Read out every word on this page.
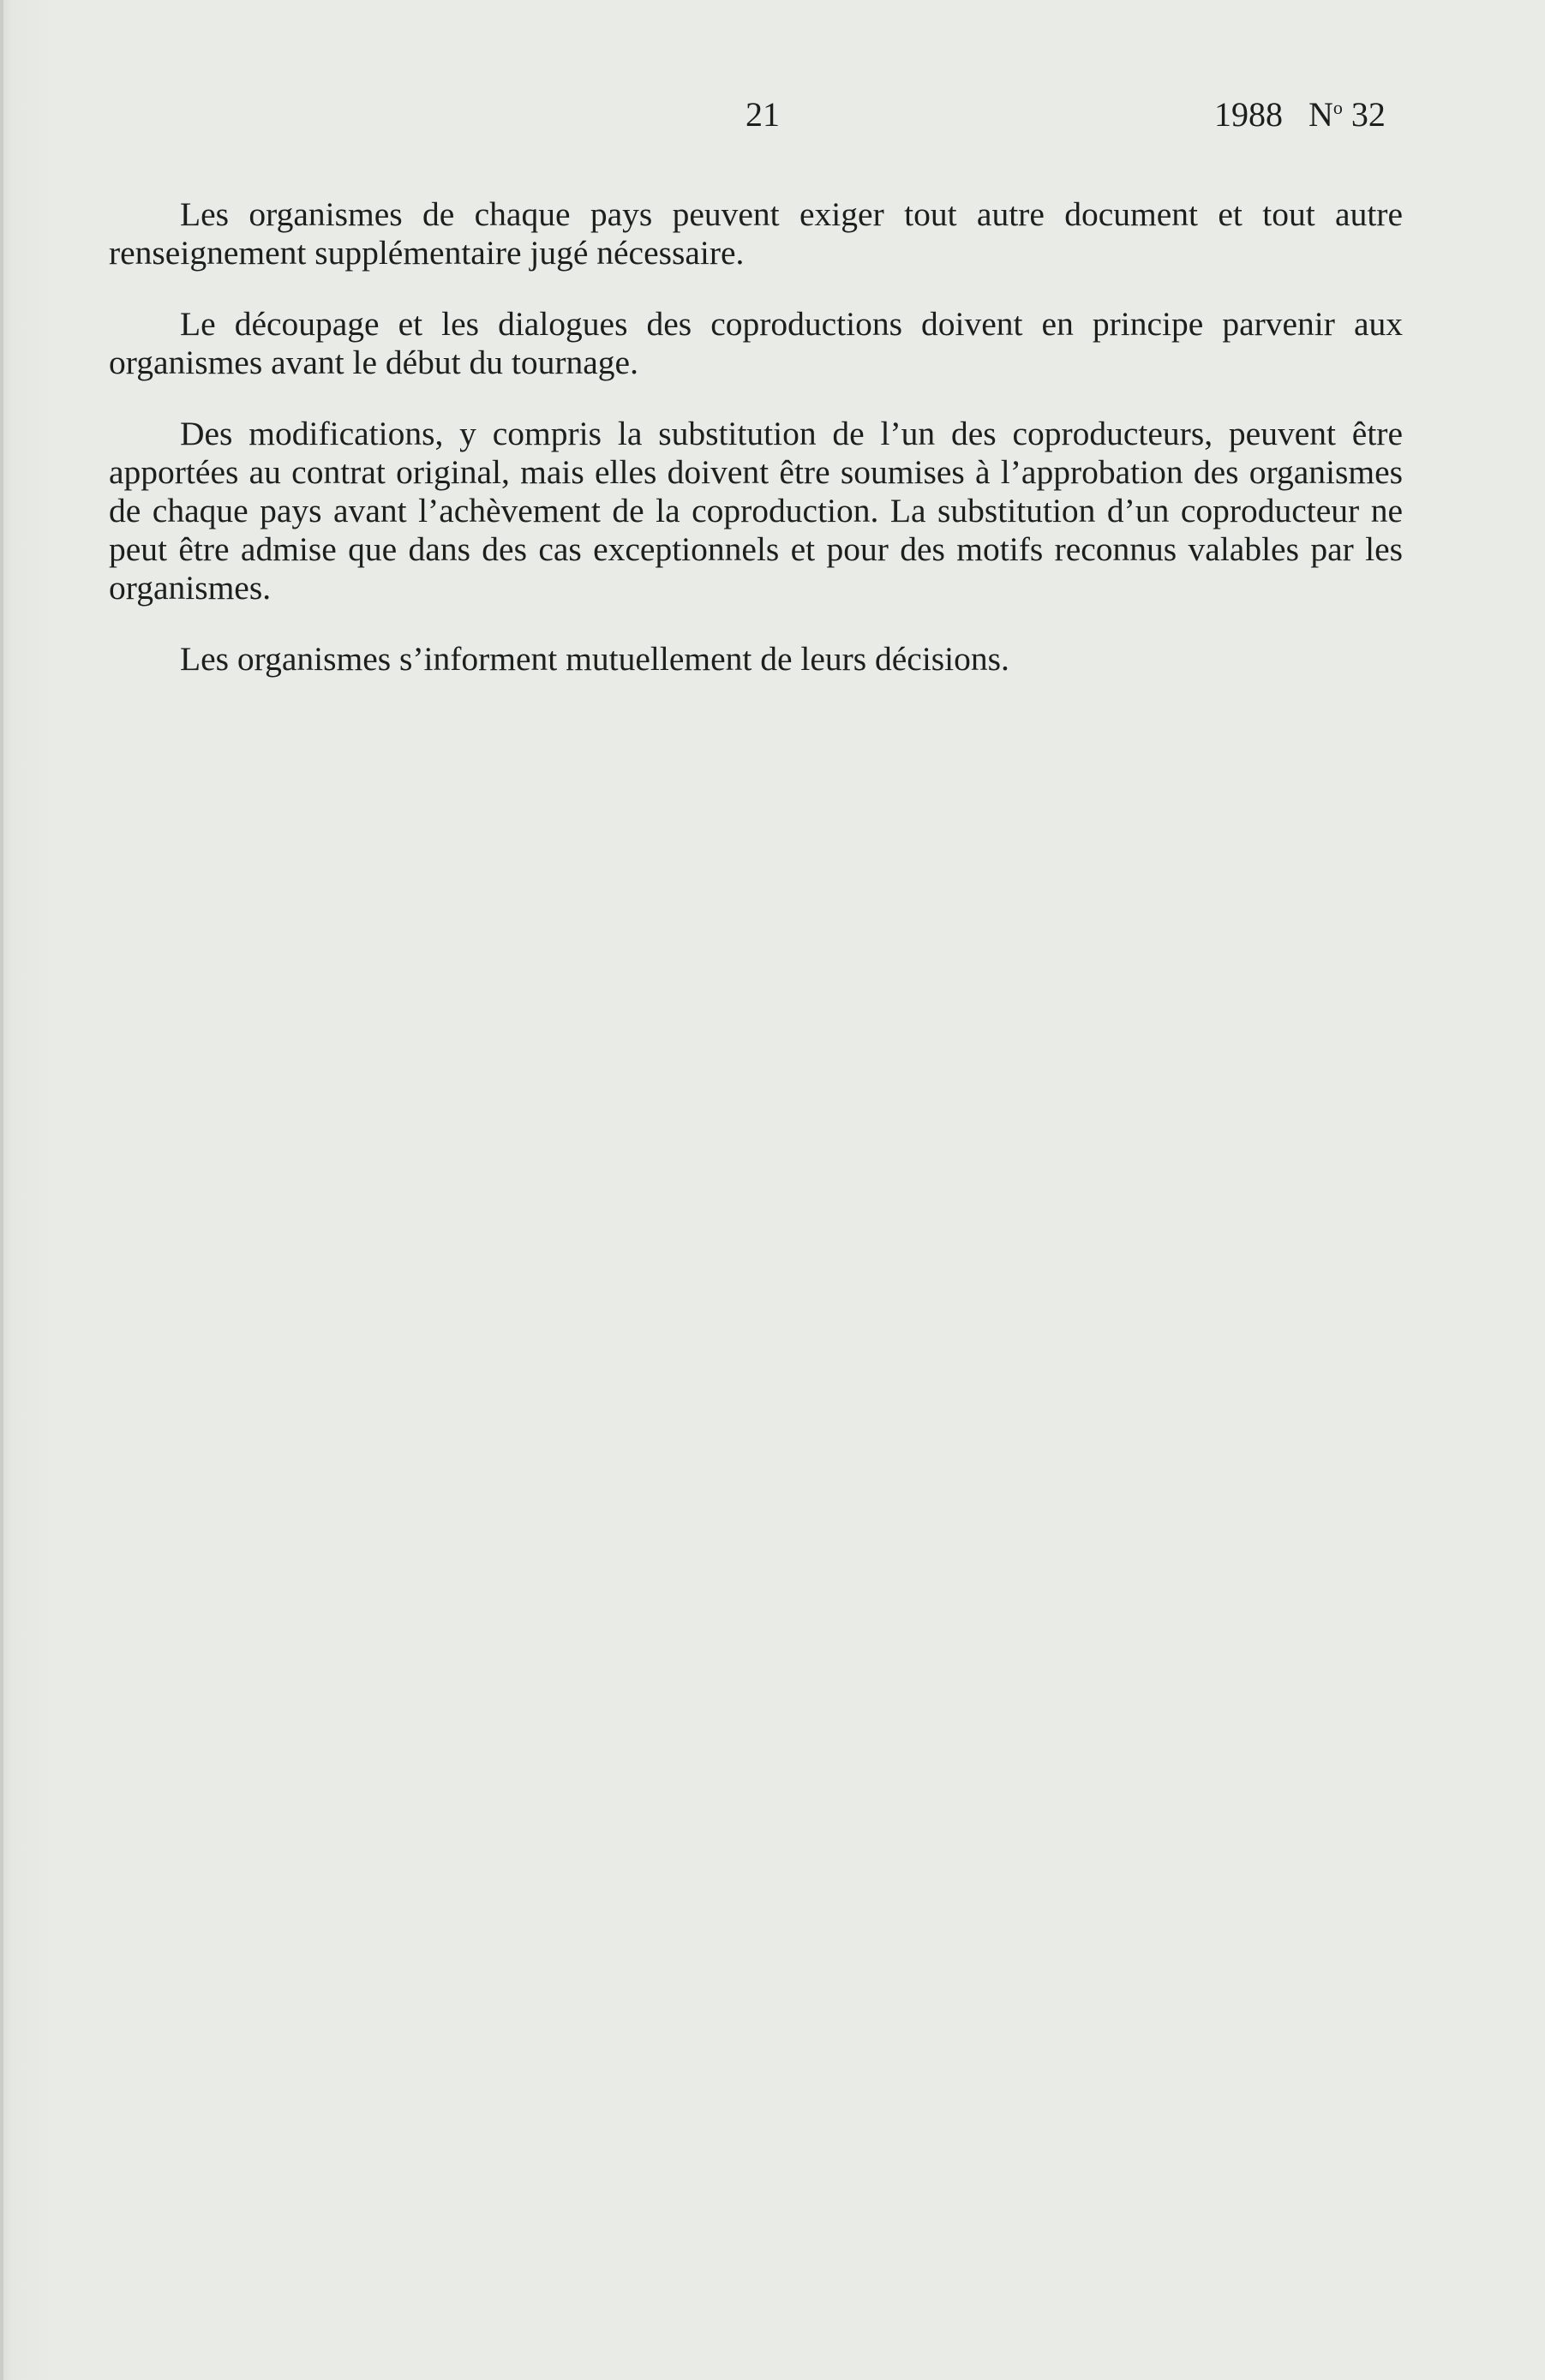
21	1988 $N^o$ 32

Les organismes de chaque pays peuvent exiger tout autre document et tout autre renseignement supplémentaire jugé nécessaire.

Le découpage et les dialogues des coproductions doivent en principe parvenir aux organismes avant le début du tournage.

Des modifications, y compris la substitution de l’un des coproducteurs, peuvent être apportées au contrat original, mais elles doivent être soumises à l’approbation des organismes de chaque pays avant l’achèvement de la coproduction. La substitution d’un coproducteur ne peut être admise que dans des cas exceptionnels et pour des motifs reconnus valables par les organismes.

Les organismes s’informent mutuellement de leurs décisions.
